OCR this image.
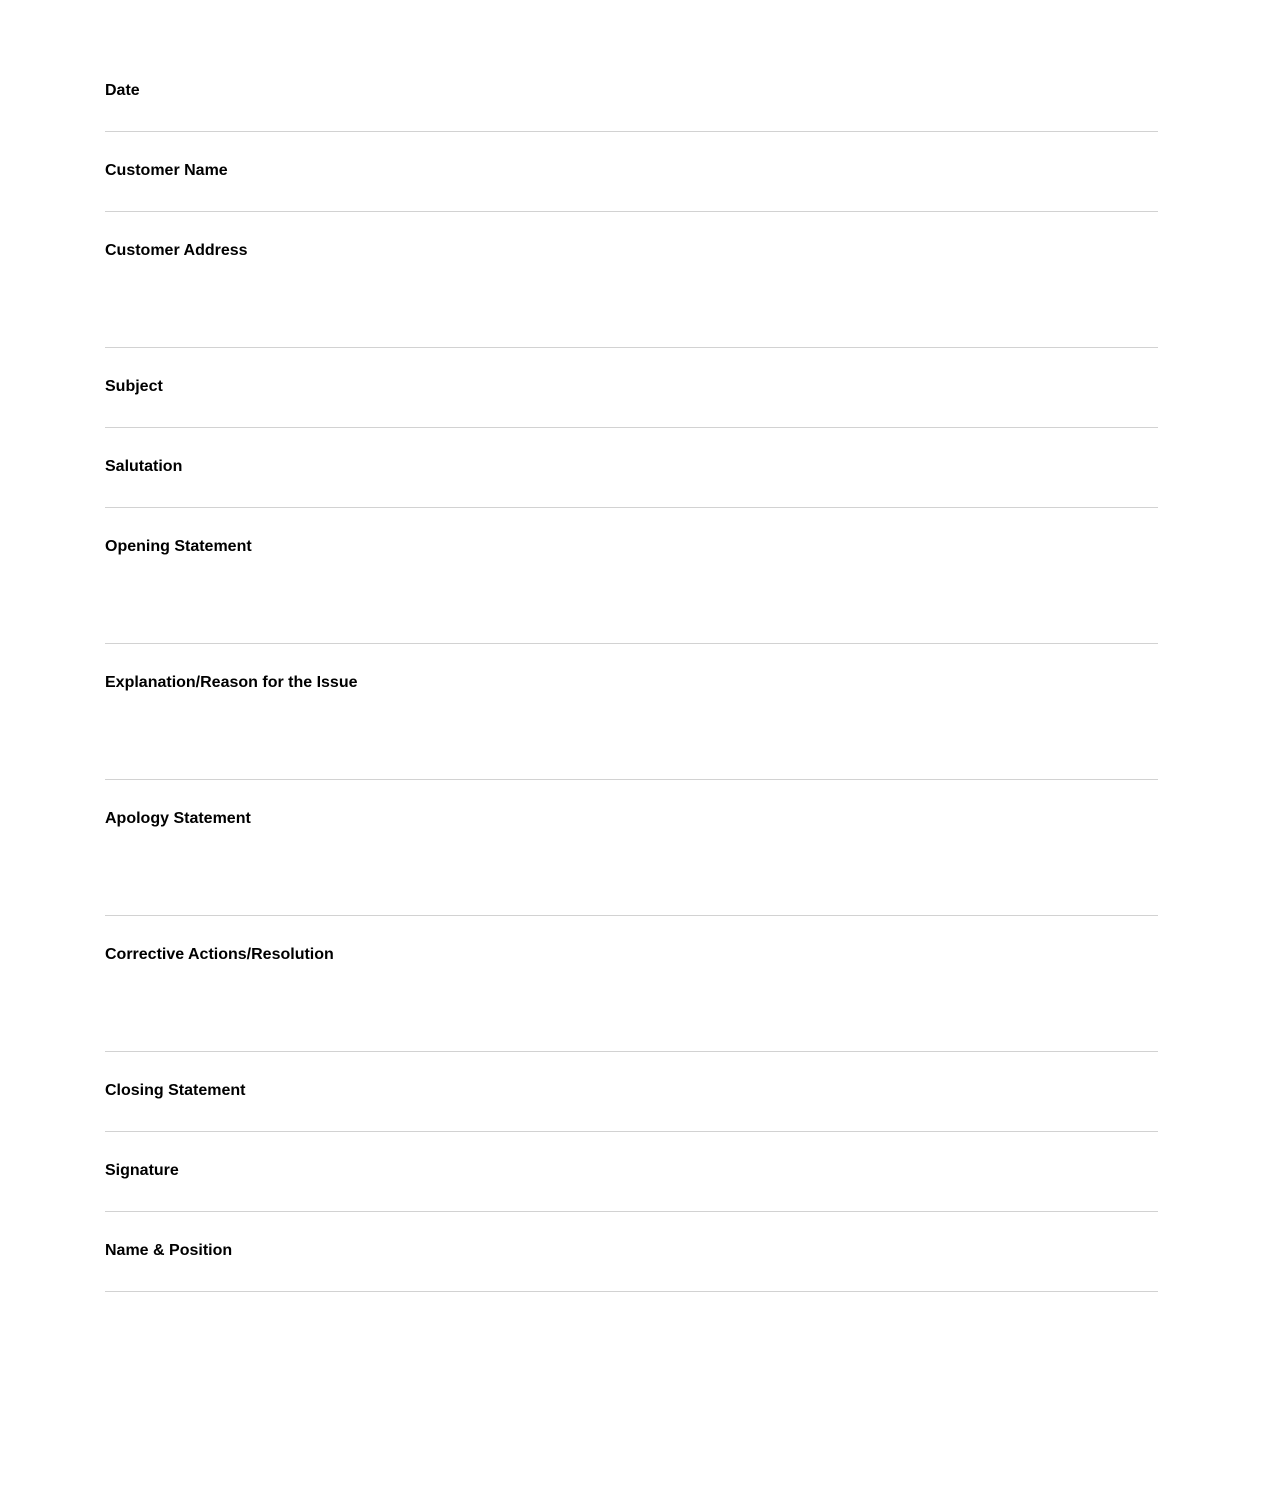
Date
Customer Name
Customer Address
Subject
Salutation
Opening Statement
Explanation/Reason for the Issue
Apology Statement
Corrective Actions/Resolution
Closing Statement
Signature
Name & Position
